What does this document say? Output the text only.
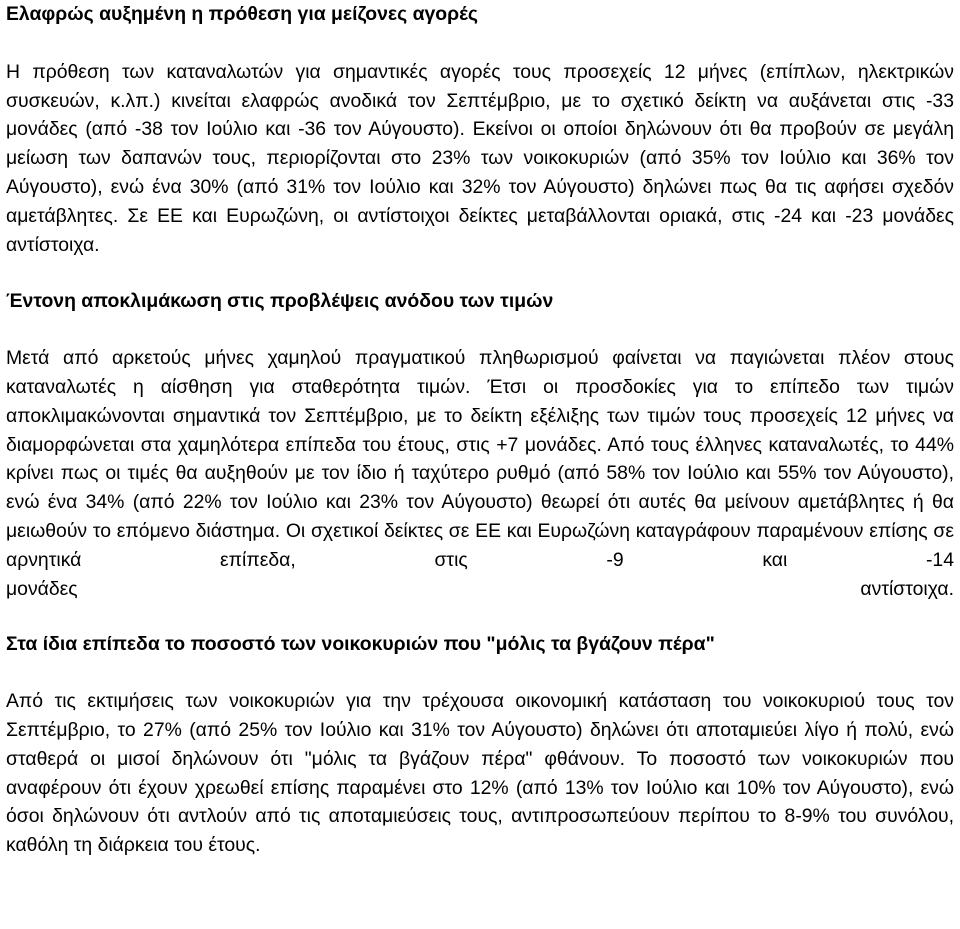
Ελαφρώς αυξημένη η πρόθεση για μείζονες αγορές

Η πρόθεση των καταναλωτών για σημαντικές αγορές τους προσεχείς 12 μήνες (επίπλων, ηλεκτρικών συσκευών, κ.λπ.) κινείται ελαφρώς ανοδικά τον Σεπτέμβριο, με το σχετικό δείκτη να αυξάνεται στις -33 μονάδες (από -38 τον Ιούλιο και -36 τον Αύγουστο). Εκείνοι οι οποίοι δηλώνουν ότι θα προβούν σε μεγάλη μείωση των δαπανών τους, περιορίζονται στο 23% των νοικοκυριών (από 35% τον Ιούλιο και 36% τον Αύγουστο), ενώ ένα 30% (από 31% τον Ιούλιο και 32% τον Αύγουστο) δηλώνει πως θα τις αφήσει σχεδόν αμετάβλητες. Σε ΕΕ και Ευρωζώνη, οι αντίστοιχοι δείκτες μεταβάλλονται οριακά, στις -24 και -23 μονάδες αντίστοιχα.

Έντονη αποκλιμάκωση στις προβλέψεις ανόδου των τιμών

Μετά από αρκετούς μήνες χαμηλού πραγματικού πληθωρισμού φαίνεται να παγιώνεται πλέον στους καταναλωτές η αίσθηση για σταθερότητα τιμών. Έτσι οι προσδοκίες για το επίπεδο των τιμών αποκλιμακώνονται σημαντικά τον Σεπτέμβριο, με το δείκτη εξέλιξης των τιμών τους προσεχείς 12 μήνες να διαμορφώνεται στα χαμηλότερα επίπεδα του έτους, στις +7 μονάδες. Από τους έλληνες καταναλωτές, το 44% κρίνει πως οι τιμές θα αυξηθούν με τον ίδιο ή ταχύτερο ρυθμό (από 58% τον Ιούλιο και 55% τον Αύγουστο), ενώ ένα 34% (από 22% τον Ιούλιο και 23% τον Αύγουστο) θεωρεί ότι αυτές θα μείνουν αμετάβλητες ή θα μειωθούν το επόμενο διάστημα. Οι σχετικοί δείκτες σε ΕΕ και Ευρωζώνη καταγράφουν παραμένουν επίσης σε αρνητικά επίπεδα, στις -9 και -14

μονάδες	αντίστοιχα.
Στα ίδια επίπεδα το ποσοστό των νοικοκυριών που "μόλις τα βγάζουν πέρα"

Από τις εκτιμήσεις των νοικοκυριών για την τρέχουσα οικονομική κατάσταση του νοικοκυριού τους τον Σεπτέμβριο, το 27% (από 25% τον Ιούλιο και 31% τον Αύγουστο) δηλώνει ότι αποταμιεύει λίγο ή πολύ, ενώ σταθερά οι μισοί δηλώνουν ότι "μόλις τα βγάζουν πέρα" φθάνουν. Το ποσοστό των νοικοκυριών που αναφέρουν ότι έχουν χρεωθεί επίσης παραμένει στο 12% (από 13% τον Ιούλιο και 10% τον Αύγουστο), ενώ όσοι δηλώνουν ότι αντλούν από τις αποταμιεύσεις τους, αντιπροσωπεύουν περίπου το 8-9% του συνόλου, καθόλη τη διάρκεια του έτους.
